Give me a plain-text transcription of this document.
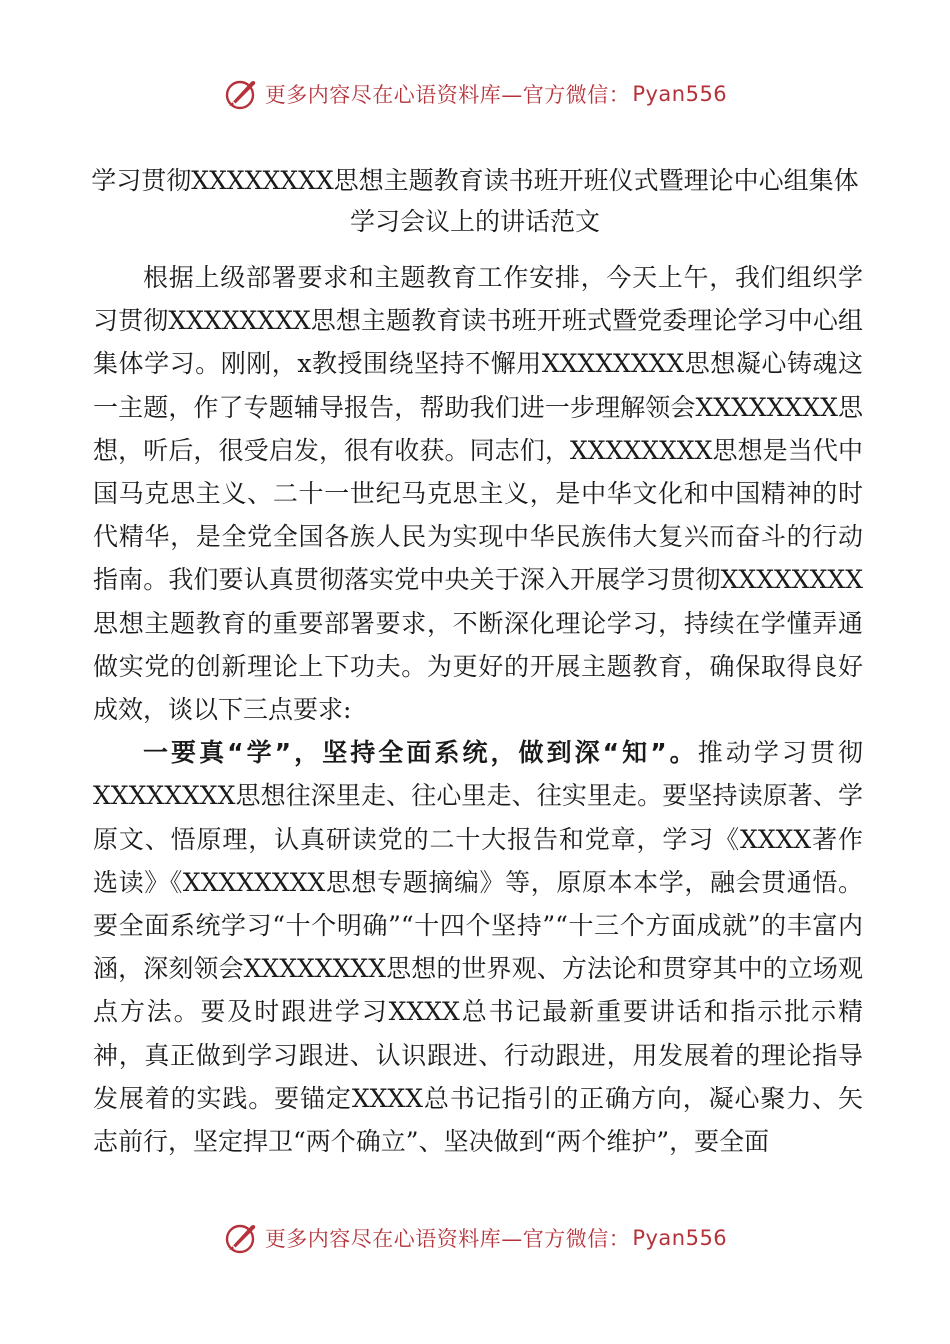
更多内容尽在心语资料库—官方微信： Pyan556
学习贯彻XXXXXXXX思想主题教育读书班开班仪式暨理论中心组集体
学习会议上的讲话范文

根据上级部署要求和主题教育工作安排，今天上午，我们组织学习贯彻XXXXXXXX思想主题教育读书班开班式暨党委理论学习中心组集体学习。刚刚，x教授围绕坚持不懈用XXXXXXXX思想凝心铸魂这一主题，作了专题辅导报告，帮助我们进一步理解领会XXXXXXXX思想，听后，很受启发，很有收获。同志们，XXXXXXXX思想是当代中国马克思主义、二十一世纪马克思主义，是中华文化和中国精神的时代精华，是全党全国各族人民为实现中华民族伟大复兴而奋斗的行动指南。我们要认真贯彻落实党中央关于深入开展学习贯彻XXXXXXXX思想主题教育的重要部署要求，不断深化理论学习，持续在学懂弄通做实党的创新理论上下功夫。为更好的开展主题教育，确保取得良好成效，谈以下三点要求:

一要真“学”，坚持全面系统，做到深“知”。推动学习贯彻XXXXXXXX思想往深里走、往心里走、往实里走。要坚持读原著、学原文、悟原理，认真研读党的二十大报告和党章，学习《XXXX著作选读》《XXXXXXXX思想专题摘编》等，原原本本学，融会贯通悟。要全面系统学习“十个明确”“十四个坚持”“十三个方面成就”的丰富内涵，深刻领会XXXXXXXX思想的世界观、方法论和贯穿其中的立场观点方法。要及时跟进学习XXXX总书记最新重要讲话和指示批示精神，真正做到学习跟进、认识跟进、行动跟进，用发展着的理论指导发展着的实践。要锚定XXXX总书记指引的正确方向，凝心聚力、矢志前行，坚定捍卫“两个确立”、坚决做到“两个维护”，要全面

更多内容尽在心语资料库—官方微信： Pyan556
